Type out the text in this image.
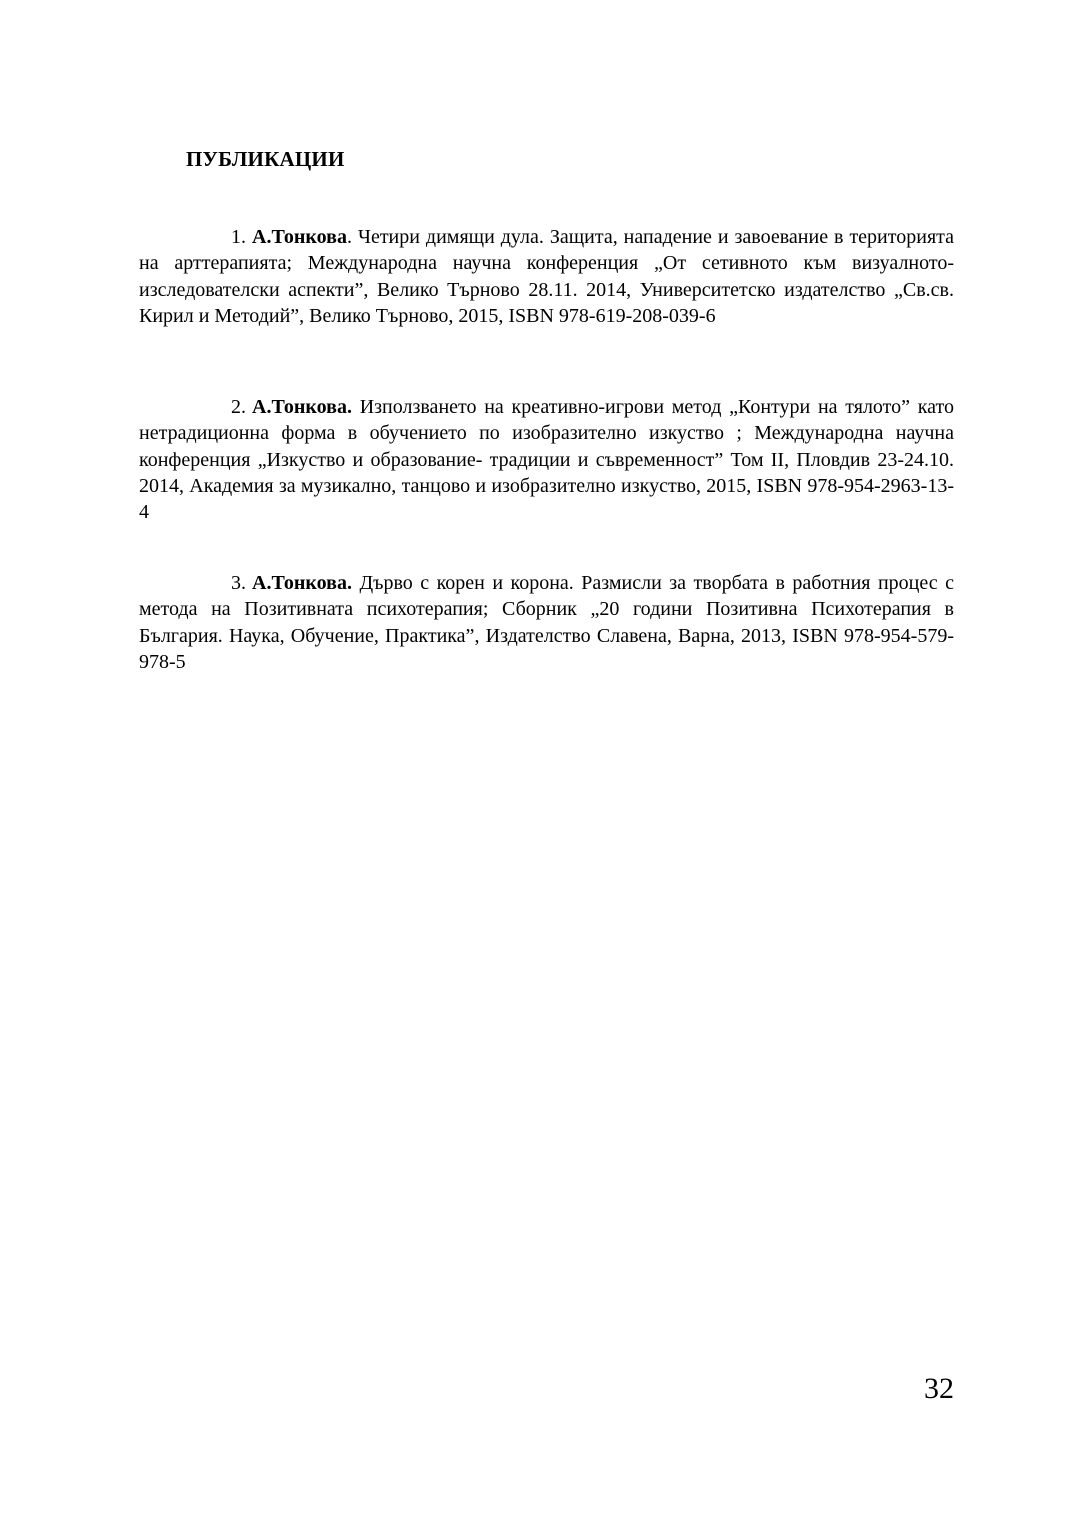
ПУБЛИКАЦИИ

1. А.Тонкова. Четири димящи дула. Защита, нападение и завоевание в територията на арттерапията; Международна научна конференция „От сетивното към визуалното- изследователски аспекти”, Велико Търново 28.11. 2014, Университетско издателство „Св.св. Кирил и Методий”, Велико Търново, 2015, ISBN 978-619-208-039-6

2. А.Тонкова. Използването на креативно-игрови метод „Контури на тялото” като нетрадиционна форма в обучението по изобразително изкуство ; Международна научна конференция „Изкуство и образование- традиции и съвременност” Том II, Пловдив 23-24.10. 2014, Академия за музикално, танцово и изобразително изкуство, 2015, ISBN 978-954-2963-13-4

3. А.Тонкова. Дърво с корен и корона. Размисли за творбата в работния процес с метода на Позитивната психотерапия; Сборник „20 години Позитивна Психотерапия в България. Наука, Обучение, Практика”, Издателство Славена, Варна, 2013, ISBN 978-954-579-978-5

32
